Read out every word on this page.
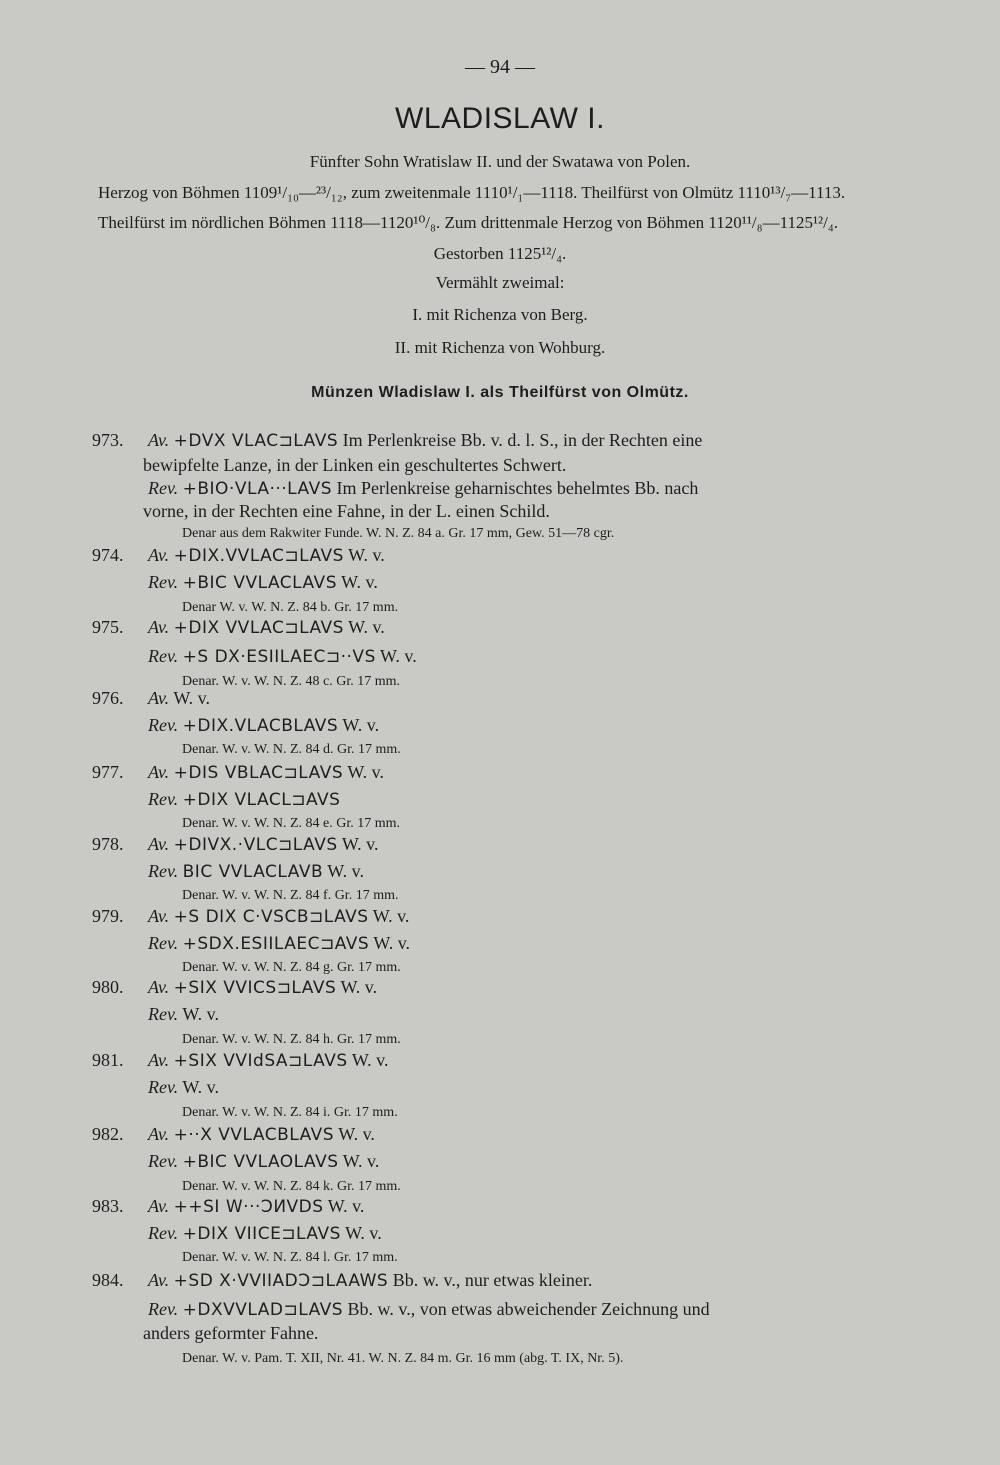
— 94 —
WLADISLAW I.
Fünfter Sohn Wratislaw II. und der Swatawa von Polen.
Herzog von Böhmen 1109¹/₁₀—²³/₁₂, zum zweitenmale 1110¹/₁—1118. Theilfürst von Olmütz 1110¹³/₇—1113.
Theilfürst im nördlichen Böhmen 1118—1120¹⁰/₈. Zum drittenmale Herzog von Böhmen 1120¹¹/₈—1125¹²/₄.
Gestorben 1125¹²/₄.
Vermählt zweimal:
I. mit Richenza von Berg.
II. mit Richenza von Wohburg.
Münzen Wladislaw I. als Theilfürst von Olmütz.
973. Av. +DVX VLAC⊐LAVS Im Perlenkreise Bb. v. d. l. S., in der Rechten eine
bewipfelte Lanze, in der Linken ein geschultertes Schwert.
Rev. +BIO·VLA···LAVS Im Perlenkreise geharnischtes behelmtes Bb. nach
vorne, in der Rechten eine Fahne, in der L. einen Schild.
Denar aus dem Rakwiter Funde. W. N. Z. 84 a. Gr. 17 mm, Gew. 51—78 cgr.
974. Av. +DIX.VVLAC⊐LAVS W. v.
Rev. +BIC VVLACLAVS W. v.
Denar W. v. W. N. Z. 84 b. Gr. 17 mm.
975. Av. +DIX VVLAC⊐LAVS W. v.
Rev. +S DX·ESIILAEC⊐··VS W. v.
Denar. W. v. W. N. Z. 48 c. Gr. 17 mm.
976. Av. W. v.
Rev. +DIX.VLACBLAVS W. v.
Denar. W. v. W. N. Z. 84 d. Gr. 17 mm.
977. Av. +DIS VBLAC⊐LAVS W. v.
Rev. +DIX VLACL⊐AVS
Denar. W. v. W. N. Z. 84 e. Gr. 17 mm.
978. Av. +DIVX.·VLC⊐LAVS W. v.
Rev. BIC VVLACLAVB W. v.
Denar. W. v. W. N. Z. 84 f. Gr. 17 mm.
979. Av. +S DIX C·VSCB⊐LAVS W. v.
Rev. +SDX.ESIILAEC⊐AVS W. v.
Denar. W. v. W. N. Z. 84 g. Gr. 17 mm.
980. Av. +SIX VVICS⊐LAVS W. v.
Rev. W. v.
Denar. W. v. W. N. Z. 84 h. Gr. 17 mm.
981. Av. +SIX VVIdSA⊐LAVS W. v.
Rev. W. v.
Denar. W. v. W. N. Z. 84 i. Gr. 17 mm.
982. Av. +··X VVLACBLAVS W. v.
Rev. +BIC VVLAOLAVS W. v.
Denar. W. v. W. N. Z. 84 k. Gr. 17 mm.
983. Av. ++SI W···ƆИVDS W. v.
Rev. +DIX VIICE⊐LAVS W. v.
Denar. W. v. W. N. Z. 84 l. Gr. 17 mm.
984. Av. +SD X·VVIIADƆ⊐LAAWS Bb. w. v., nur etwas kleiner.
Rev. +DXVVLAD⊐LAVS Bb. w. v., von etwas abweichender Zeichnung und
anders geformter Fahne.
Denar. W. v. Pam. T. XII, Nr. 41. W. N. Z. 84 m. Gr. 16 mm (abg. T. IX, Nr. 5).
